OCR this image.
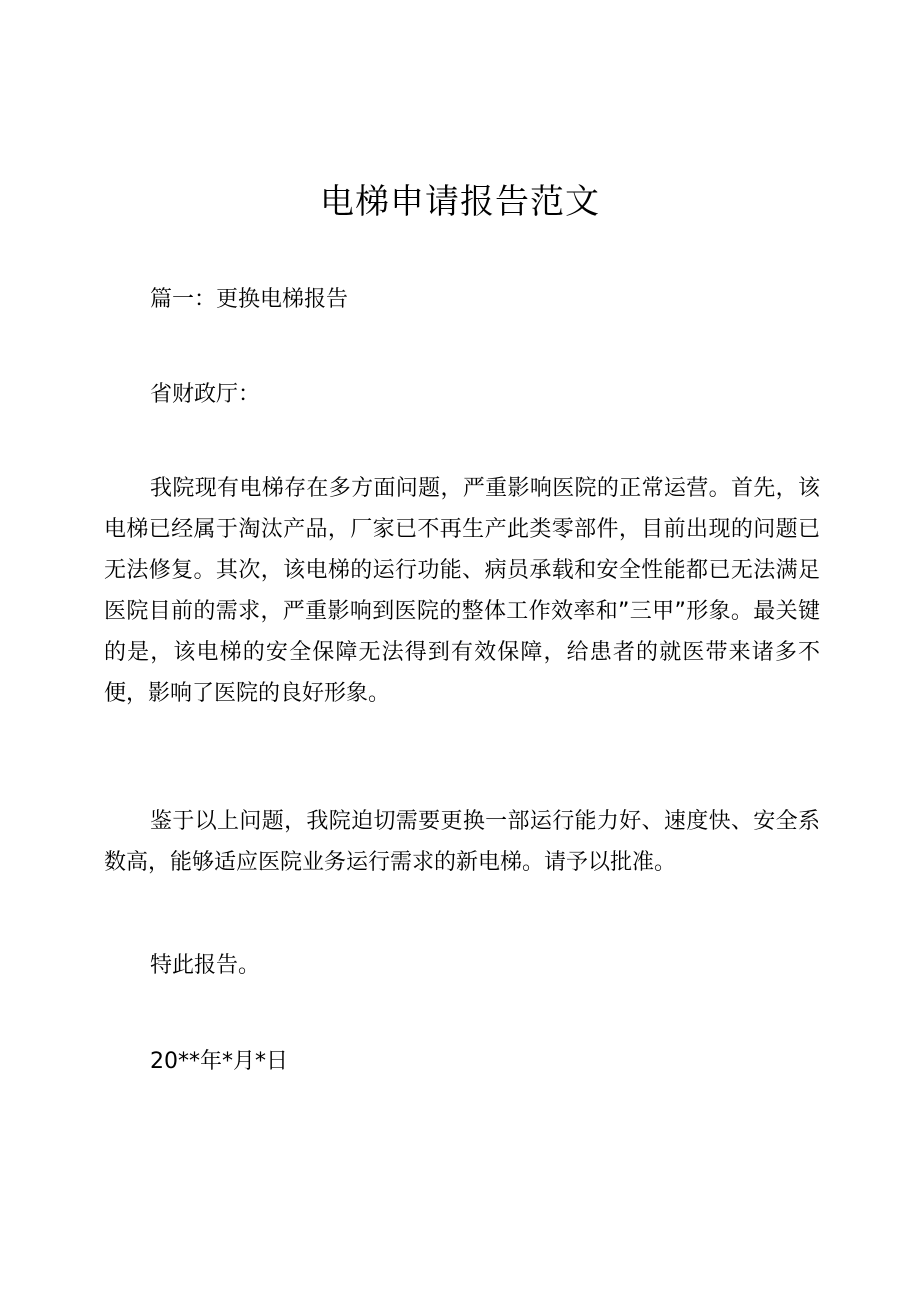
电梯申请报告范文

篇一：更换电梯报告

省财政厅：

我院现有电梯存在多方面问题，严重影响医院的正常运营。首先，该电梯已经属于淘汰产品，厂家已不再生产此类零部件，目前出现的问题已无法修复。其次，该电梯的运行功能、病员承载和安全性能都已无法满足医院目前的需求，严重影响到医院的整体工作效率和”三甲”形象。最关键的是，该电梯的安全保障无法得到有效保障，给患者的就医带来诸多不便，影响了医院的良好形象。

鉴于以上问题，我院迫切需要更换一部运行能力好、速度快、安全系数高，能够适应医院业务运行需求的新电梯。请予以批准。

特此报告。

20**年*月*日
